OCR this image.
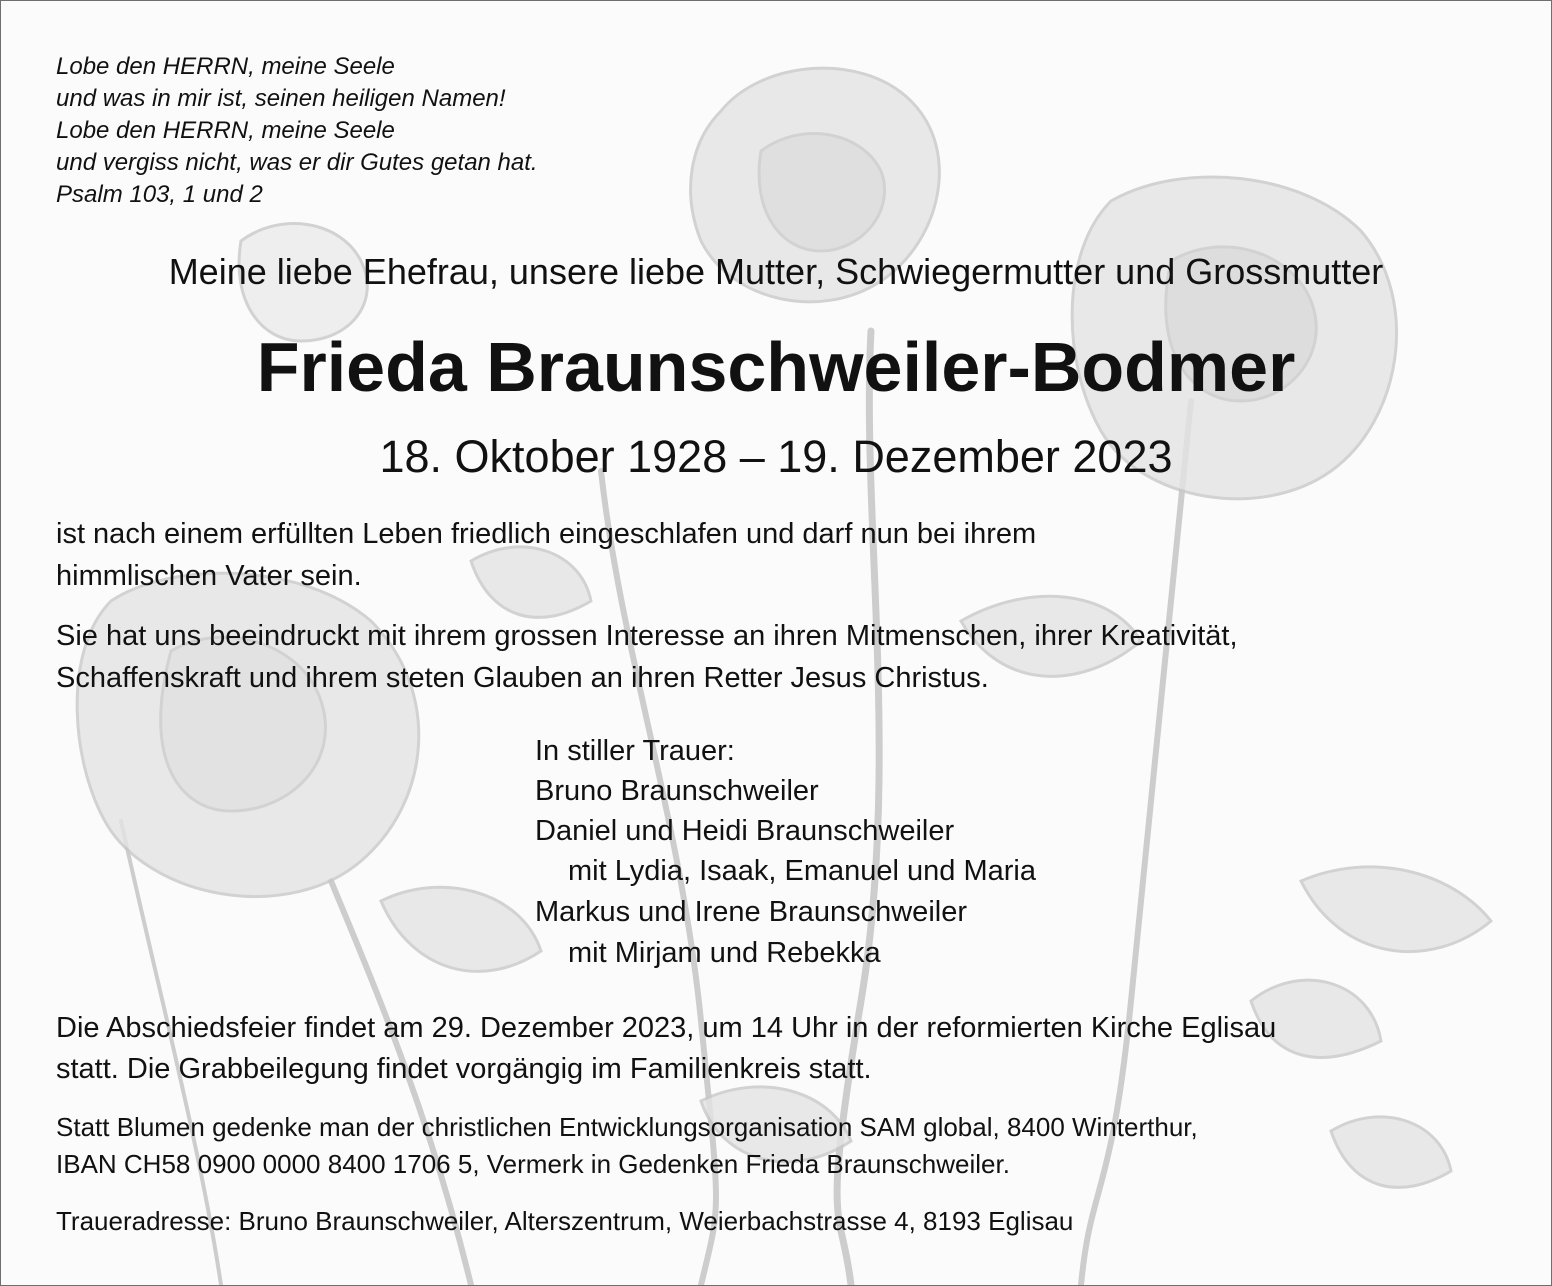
Lobe den HERRN, meine Seele

und was in mir ist, seinen heiligen Namen!

Lobe den HERRN, meine Seele

und vergiss nicht, was er dir Gutes getan hat.

Psalm 103, 1 und 2

Meine liebe Ehefrau, unsere liebe Mutter, Schwiegermutter und Grossmutter

Frieda Braunschweiler-Bodmer

18. Oktober 1928 – 19. Dezember 2023

ist nach einem erfüllten Leben friedlich eingeschlafen und darf nun bei ihrem

himmlischen Vater sein.

Sie hat uns beeindruckt mit ihrem grossen Interesse an ihren Mitmenschen, ihrer Kreativität,

Schaffenskraft und ihrem steten Glauben an ihren Retter Jesus Christus.

In stiller Trauer:

Bruno Braunschweiler

Daniel und Heidi Braunschweiler

mit Lydia, Isaak, Emanuel und Maria

Markus und Irene Braunschweiler

mit Mirjam und Rebekka

Die Abschiedsfeier findet am 29. Dezember 2023, um 14 Uhr in der reformierten Kirche Eglisau

statt. Die Grabbeilegung findet vorgängig im Familienkreis statt.

Statt Blumen gedenke man der christlichen Entwicklungsorganisation SAM global, 8400 Winterthur,

IBAN CH58 0900 0000 8400 1706 5, Vermerk in Gedenken Frieda Braunschweiler.

Traueradresse: Bruno Braunschweiler, Alterszentrum, Weierbachstrasse 4, 8193 Eglisau
